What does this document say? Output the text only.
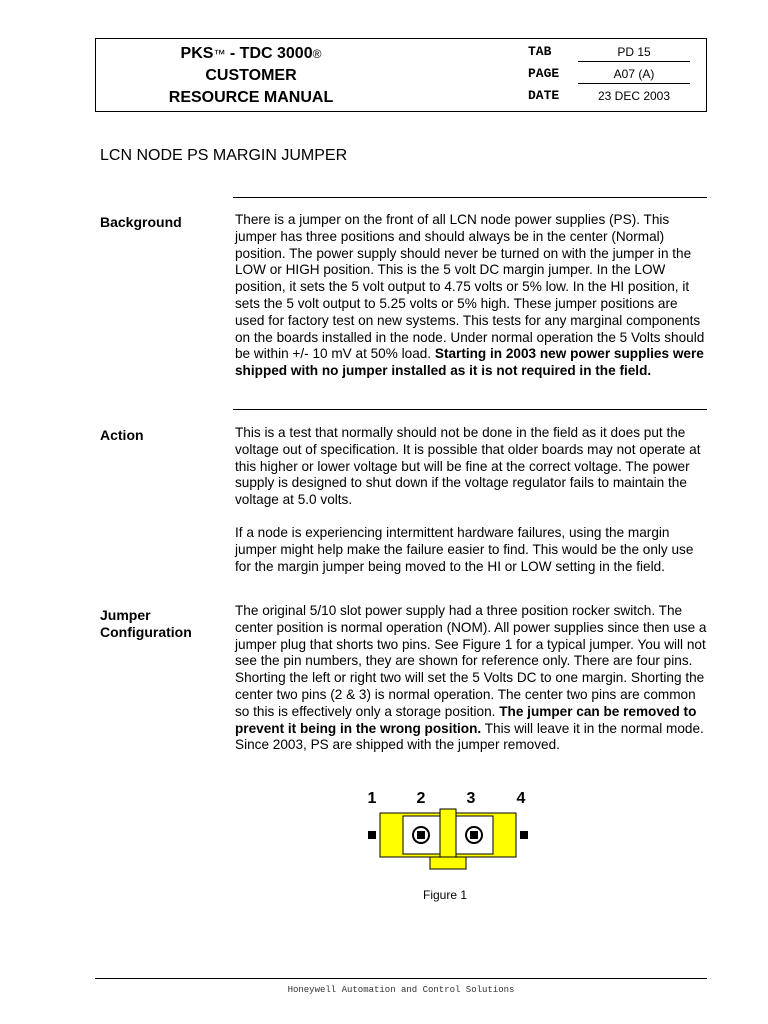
PKS™ - TDC 3000®
CUSTOMER
RESOURCE MANUAL
TAB	PD 15
PAGE	A07 (A)
DATE	23 DEC 2003
LCN NODE PS MARGIN JUMPER
Background	There is a jumper on the front of all LCN node power supplies (PS). This jumper has three positions and should always be in the center (Normal) position. The power supply should never be turned on with the jumper in the LOW or HIGH position. This is the 5 volt DC margin jumper. In the LOW position, it sets the 5 volt output to 4.75 volts or 5% low. In the HI position, it sets the 5 volt output to 5.25 volts or 5% high. These jumper positions are used for factory test on new systems. This tests for any marginal components on the boards installed in the node. Under normal operation the 5 Volts should be within +/- 10 mV at 50% load. Starting in 2003 new power supplies were shipped with no jumper installed as it is not required in the field.

Action	This is a test that normally should not be done in the field as it does put the voltage out of specification. It is possible that older boards may not operate at this higher or lower voltage but will be fine at the correct voltage. The power supply is designed to shut down if the voltage regulator fails to maintain the voltage at 5.0 volts.

If a node is experiencing intermittent hardware failures, using the margin jumper might help make the failure easier to find. This would be the only use for the margin jumper being moved to the HI or LOW setting in the field.

Jumper
Configuration

The original 5/10 slot power supply had a three position rocker switch. The center position is normal operation (NOM). All power supplies since then use a jumper plug that shorts two pins. See Figure 1 for a typical jumper. You will not see the pin numbers, they are shown for reference only. There are four pins. Shorting the left or right two will set the 5 Volts DC to one margin. Shorting the center two pins (2 & 3) is normal operation. The center two pins are common so this is effectively only a storage position. The jumper can be removed to prevent it being in the wrong position. This will leave it in the normal mode. Since 2003, PS are shipped with the jumper removed.

1	2	3	4
Figure 1
Honeywell Automation and Control Solutions
